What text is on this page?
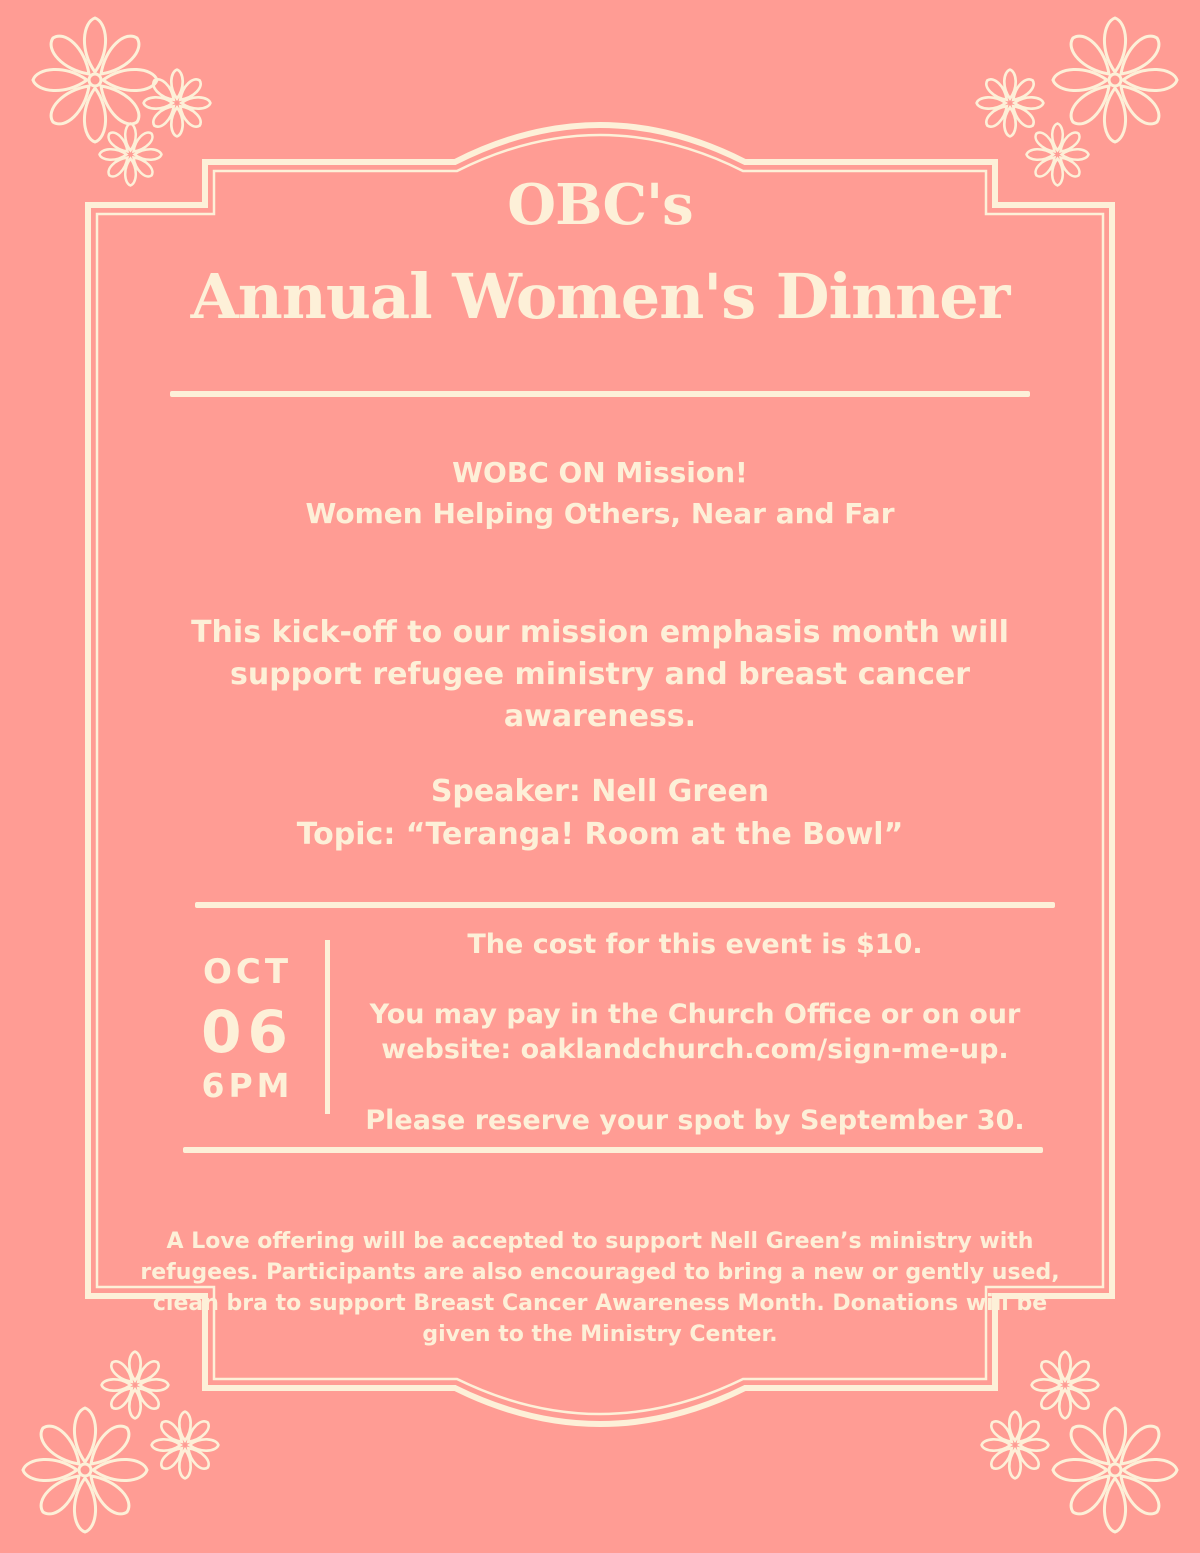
OBC's
Annual Women's Dinner
WOBC ON Mission!
Women Helping Others, Near and Far
This kick-off to our mission emphasis month will
support refugee ministry and breast cancer
awareness.
Speaker: Nell Green
Topic: “Teranga! Room at the Bowl”
OCT
06
6PM
The cost for this event is $10.
You may pay in the Church Office or on our
website: oaklandchurch.com/sign-me-up.
Please reserve your spot by September 30.
A Love offering will be accepted to support Nell Green’s ministry with
refugees. Participants are also encouraged to bring a new or gently used,
clean bra to support Breast Cancer Awareness Month. Donations will be
given to the Ministry Center.
